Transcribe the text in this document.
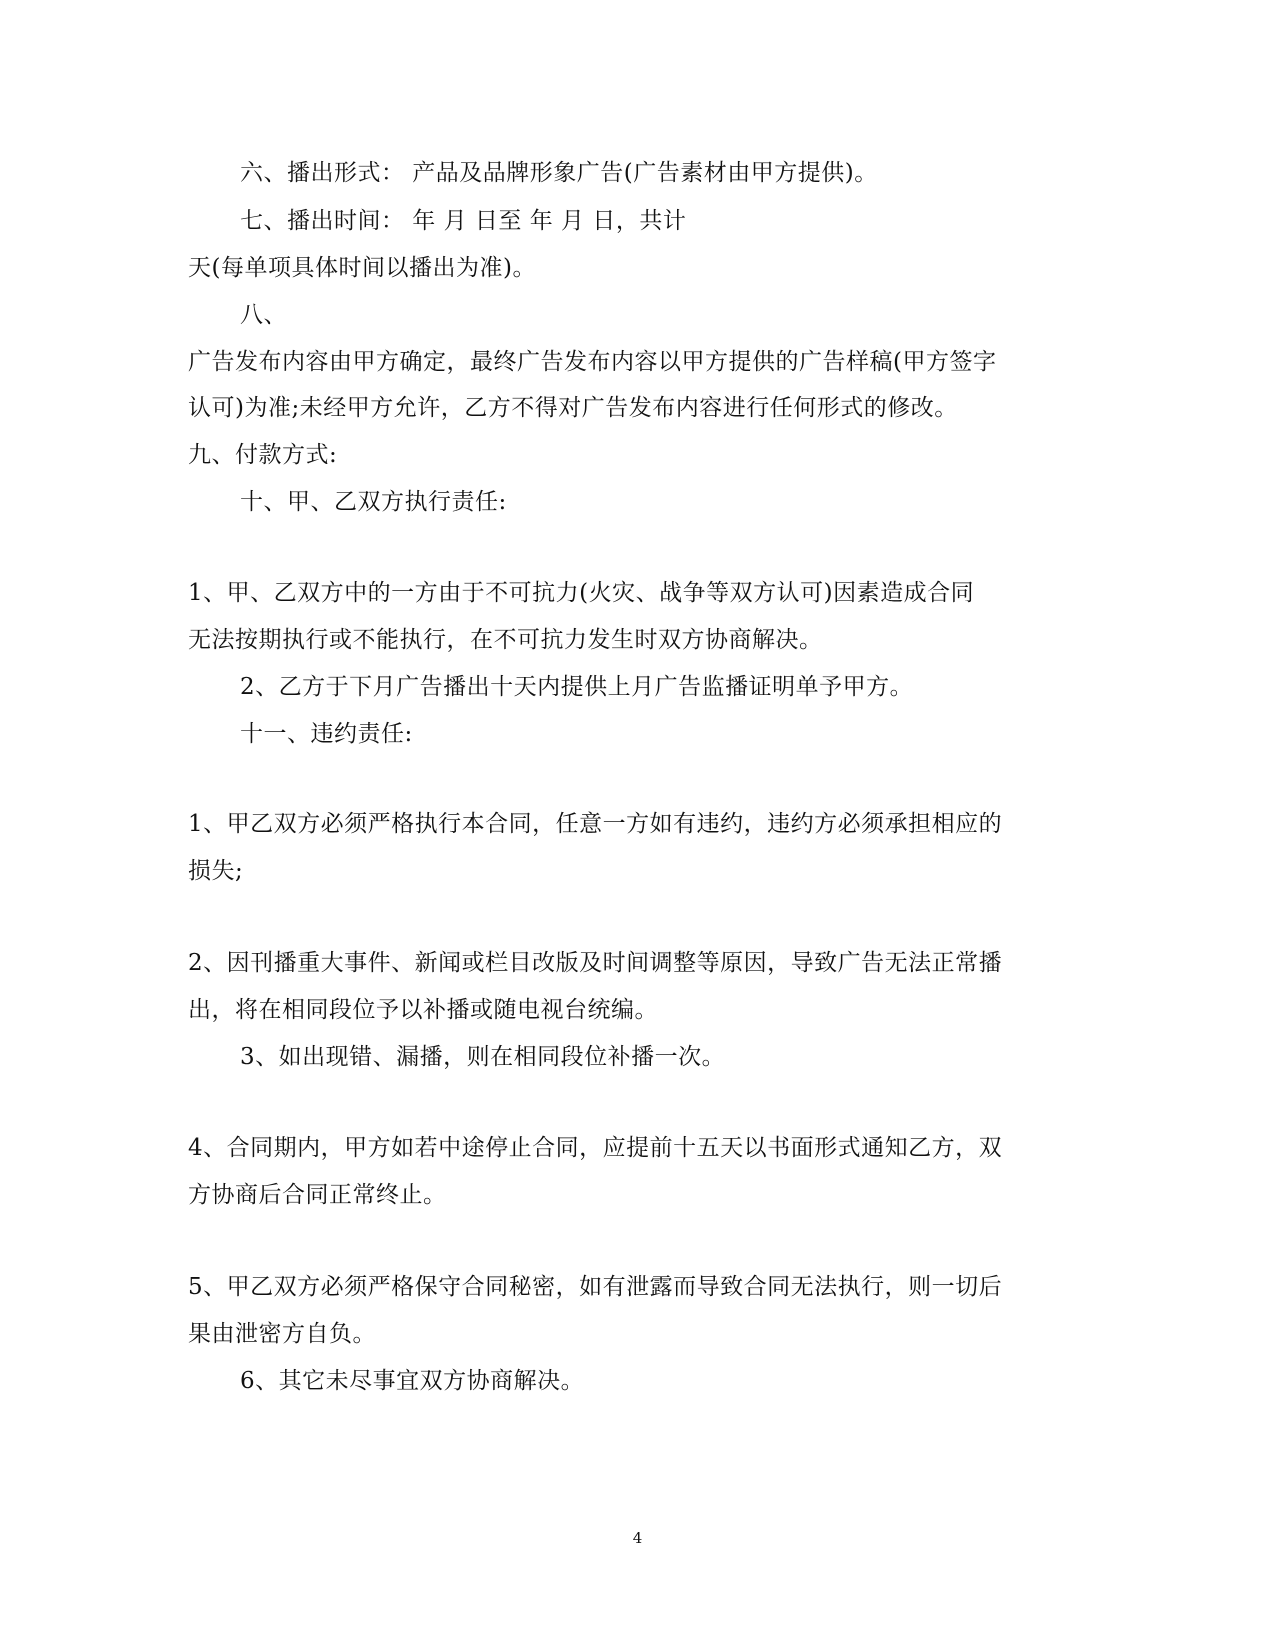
六、播出形式： 产品及品牌形象广告(广告素材由甲方提供)。
七、播出时间： 年 月 日至 年 月 日，共计
天(每单项具体时间以播出为准)。
八、
广告发布内容由甲方确定，最终广告发布内容以甲方提供的广告样稿(甲方签字
认可)为准;未经甲方允许，乙方不得对广告发布内容进行任何形式的修改。
九、付款方式:
十、甲、乙双方执行责任:
1、甲、乙双方中的一方由于不可抗力(火灾、战争等双方认可)因素造成合同
无法按期执行或不能执行，在不可抗力发生时双方协商解决。
2、乙方于下月广告播出十天内提供上月广告监播证明单予甲方。
十一、违约责任:
1、甲乙双方必须严格执行本合同，任意一方如有违约，违约方必须承担相应的
损失;
2、因刊播重大事件、新闻或栏目改版及时间调整等原因，导致广告无法正常播
出，将在相同段位予以补播或随电视台统编。
3、如出现错、漏播，则在相同段位补播一次。
4、合同期内，甲方如若中途停止合同，应提前十五天以书面形式通知乙方，双
方协商后合同正常终止。
5、甲乙双方必须严格保守合同秘密，如有泄露而导致合同无法执行，则一切后
果由泄密方自负。
6、其它未尽事宜双方协商解决。
4
